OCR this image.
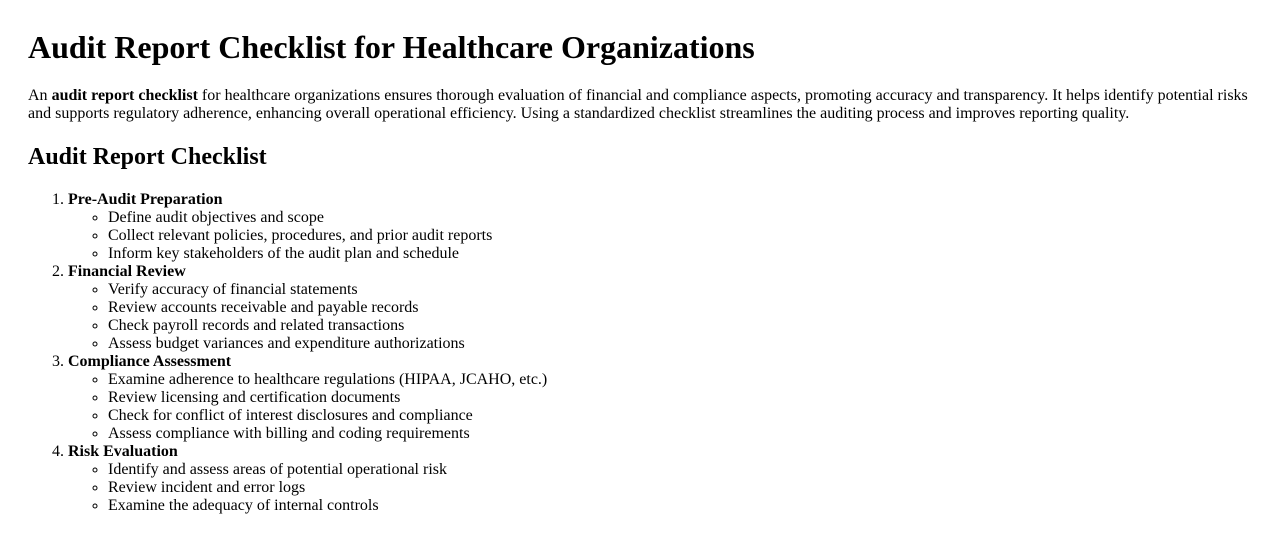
Audit Report Checklist for Healthcare Organizations

An audit report checklist for healthcare organizations ensures thorough evaluation of financial and compliance aspects, promoting accuracy and transparency. It helps identify potential risks and supports regulatory adherence, enhancing overall operational efficiency. Using a standardized checklist streamlines the auditing process and improves reporting quality.

Audit Report Checklist
1. Pre-Audit Preparation
◦ Define audit objectives and scope
◦ Collect relevant policies, procedures, and prior audit reports
◦ Inform key stakeholders of the audit plan and schedule
2. Financial Review
◦ Verify accuracy of financial statements
◦ Review accounts receivable and payable records
◦ Check payroll records and related transactions
◦ Assess budget variances and expenditure authorizations
3. Compliance Assessment
◦ Examine adherence to healthcare regulations (HIPAA, JCAHO, etc.)
◦ Review licensing and certification documents
◦ Check for conflict of interest disclosures and compliance
◦ Assess compliance with billing and coding requirements
4. Risk Evaluation
◦ Identify and assess areas of potential operational risk
◦ Review incident and error logs
◦ Examine the adequacy of internal controls
